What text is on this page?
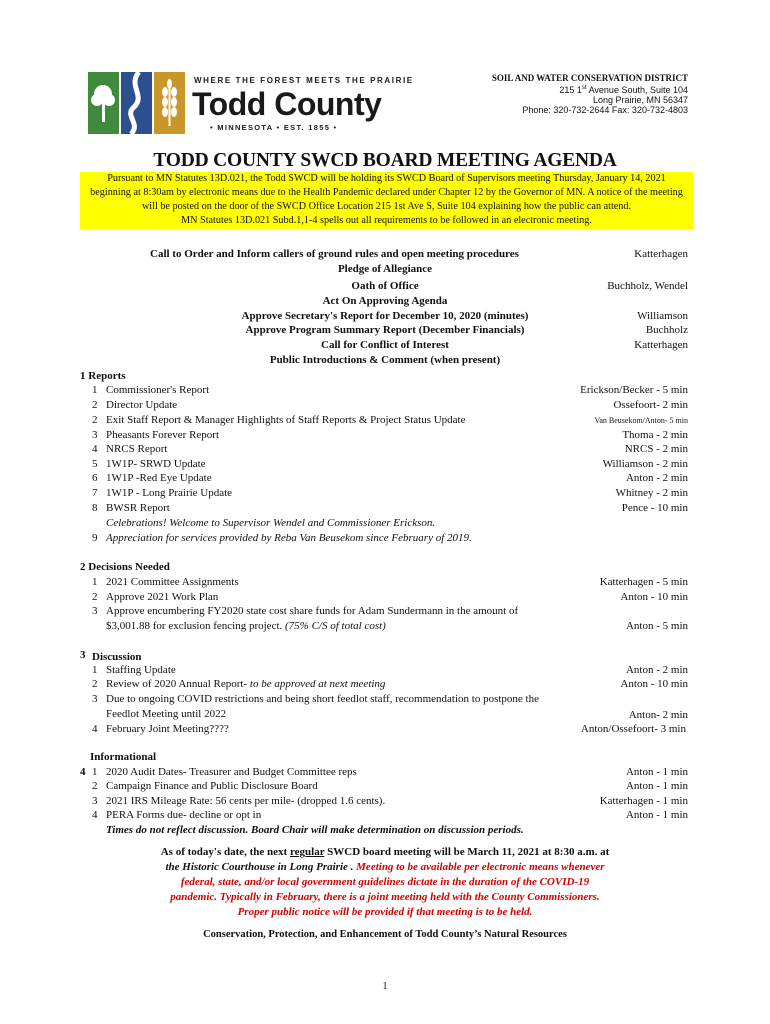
WHERE THE FOREST MEETS THE PRAIRIE
Todd County
• MINNESOTA • EST. 1855 •
SOIL AND WATER CONSERVATION DISTRICT
215 1st Avenue South, Suite 104
Long Prairie, MN 56347
Phone: 320-732-2644 Fax: 320-732-4803
TODD COUNTY SWCD BOARD MEETING AGENDA
Pursuant to MN Statutes 13D.021, the Todd SWCD will be holding its SWCD Board of Supervisors meeting Thursday, January 14, 2021
beginning at 8:30am by electronic means due to the Health Pandemic declared under Chapter 12 by the Governor of MN. A notice of the meeting
will be posted on the door of the SWCD Office Location 215 1st Ave S, Suite 104 explaining how the public can attend.
MN Statutes 13D.021 Subd.1,1-4 spells out all requirements to be followed in an electronic meeting.
Call to Order and Inform callers of ground rules and open meeting procedures	Katterhagen
Pledge of Allegiance
Oath of Office	Buchholz, Wendel
Act On Approving Agenda
Approve Secretary's Report for December 10, 2020 (minutes)	Williamson
Approve Program Summary Report (December Financials)	Buchholz
Call for Conflict of Interest	Katterhagen
Public Introductions & Comment (when present)
1 Reports
1 Commissioner's Report	Erickson/Becker - 5 min
2 Director Update	Ossefoort- 2 min
2 Exit Staff Report & Manager Highlights of Staff Reports & Project Status Update	Van Beusekom/Anton- 5 min
3 Pheasants Forever Report	Thoma - 2 min
4 NRCS Report	NRCS - 2 min
5 1W1P- SRWD Update	Williamson - 2 min
6 1W1P -Red Eye Update	Anton - 2 min
7 1W1P - Long Prairie Update	Whitney - 2 min
8 BWSR Report	Pence - 10 min
Celebrations! Welcome to Supervisor Wendel and Commissioner Erickson.
9 Appreciation for services provided by Reba Van Beusekom since February of 2019.
2 Decisions Needed
1 2021 Committee Assignments	Katterhagen - 5 min
2 Approve 2021 Work Plan	Anton - 10 min
3 Approve encumbering FY2020 state cost share funds for Adam Sundermann in the amount of
$3,001.88 for exclusion fencing project. (75% C/S of total cost)	Anton - 5 min
3 Discussion
1 Staffing Update	Anton - 2 min
2 Review of 2020 Annual Report- to be approved at next meeting	Anton - 10 min
3 Due to ongoing COVID restrictions and being short feedlot staff, recommendation to postpone the
Feedlot Meeting until 2022	Anton- 2 min
4 February Joint Meeting????	Anton/Ossefoort- 3 min
Informational
4 1 2020 Audit Dates- Treasurer and Budget Committee reps	Anton - 1 min
2 Campaign Finance and Public Disclosure Board	Anton - 1 min
3 2021 IRS Mileage Rate: 56 cents per mile- (dropped 1.6 cents).	Katterhagen - 1 min
4 PERA Forms due- decline or opt in	Anton - 1 min
Times do not reflect discussion. Board Chair will make determination on discussion periods.
As of today's date, the next regular SWCD board meeting will be March 11, 2021 at 8:30 a.m. at
the Historic Courthouse in Long Prairie . Meeting to be available per electronic means whenever
federal, state, and/or local government guidelines dictate in the duration of the COVID-19
pandemic. Typically in February, there is a joint meeting held with the County Commissioners.
Proper public notice will be provided if that meeting is to be held.
Conservation, Protection, and Enhancement of Todd County’s Natural Resources
1
